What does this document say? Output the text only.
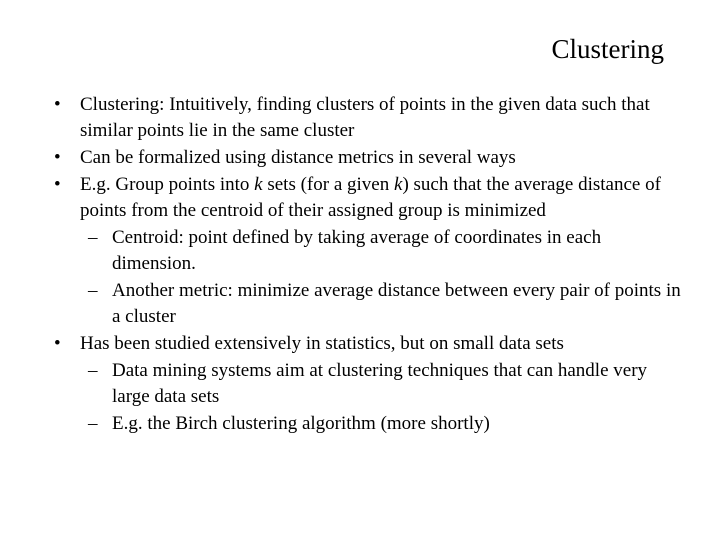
Clustering
• Clustering: Intuitively, finding clusters of points in the given data such that similar points lie in the same cluster
• Can be formalized using distance metrics in several ways
• E.g. Group points into k sets (for a given k) such that the average distance of points from the centroid of their assigned group is minimized
– Centroid: point defined by taking average of coordinates in each dimension.
– Another metric: minimize average distance between every pair of points in a cluster
• Has been studied extensively in statistics, but on small data sets
– Data mining systems aim at clustering techniques that can handle very large data sets
– E.g. the Birch clustering algorithm (more shortly)
